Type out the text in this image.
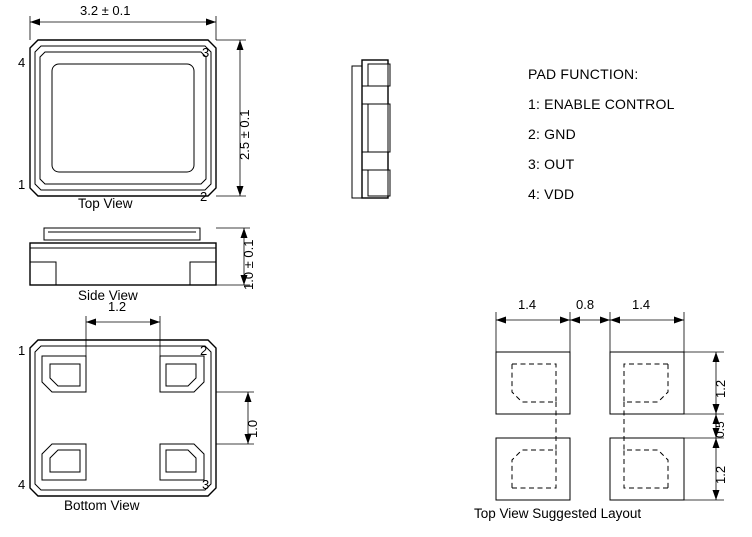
3.2 ± 0.1
2.5 ± 0.1
4
3
1
2
Top View
1.0 ± 0.1
Side View
1.2
1.0
1	2
4	3
Bottom View
1.4	0.8	1.4
1.2
0.5
1.2
Top View Suggested Layout
PAD FUNCTION:
1: ENABLE CONTROL
2: GND
3: OUT
4: VDD
